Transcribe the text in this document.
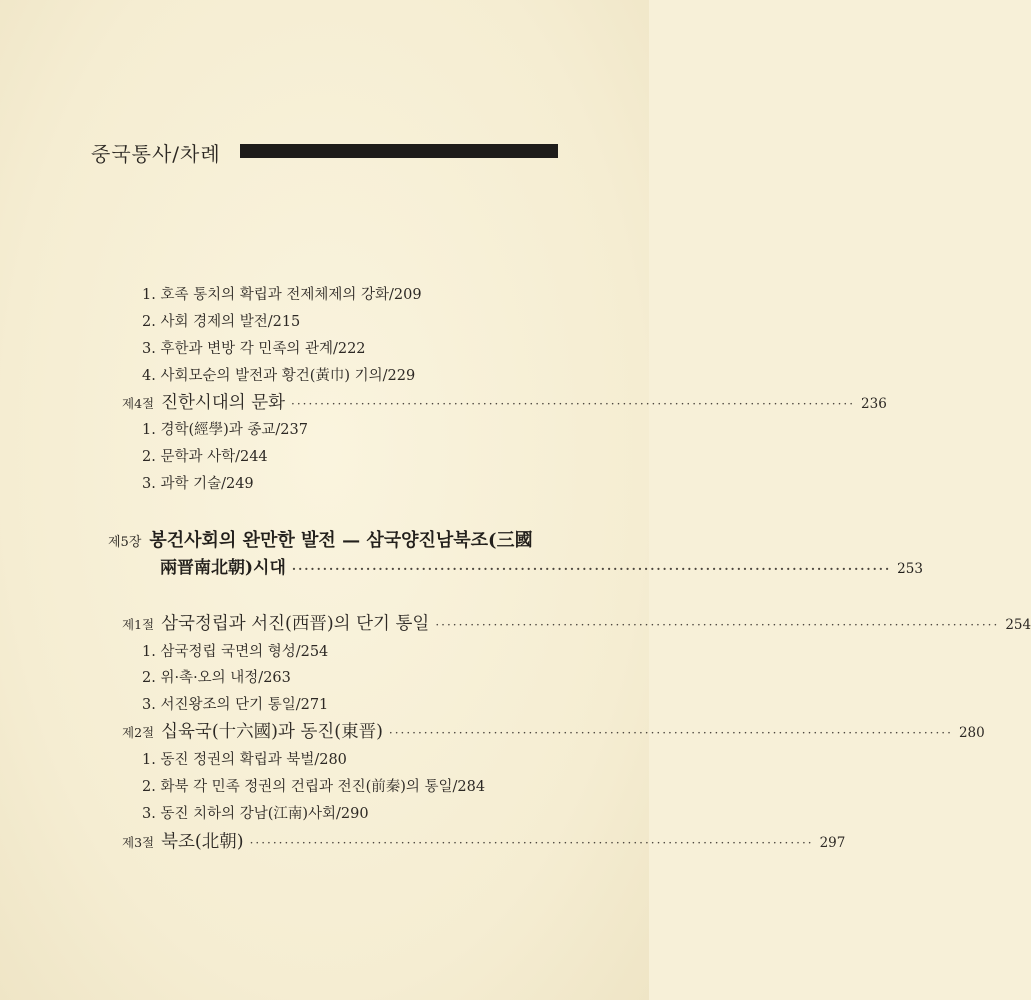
중국통사/차례
1. 호족 통치의 확립과 전제체제의 강화/209
2. 사회 경제의 발전/215
3. 후한과 변방 각 민족의 관계/222
4. 사회모순의 발전과 황건(黃巾) 기의/229
제4절 진한시대의 문화 ································································································· 236
1. 경학(經學)과 종교/237
2. 문학과 사학/244
3. 과학 기술/249
제5장 봉건사회의 완만한 발전 — 삼국양진남북조(三國
兩晋南北朝)시대 ································································································· 253
제1절 삼국정립과 서진(西晋)의 단기 통일 ································································································· 254
1. 삼국정립 국면의 형성/254
2. 위·촉·오의 내정/263
3. 서진왕조의 단기 통일/271
제2절 십육국(十六國)과 동진(東晋) ································································································· 280
1. 동진 정권의 확립과 북벌/280
2. 화북 각 민족 정권의 건립과 전진(前秦)의 통일/284
3. 동진 치하의 강남(江南)사회/290
제3절 북조(北朝) ································································································· 297
